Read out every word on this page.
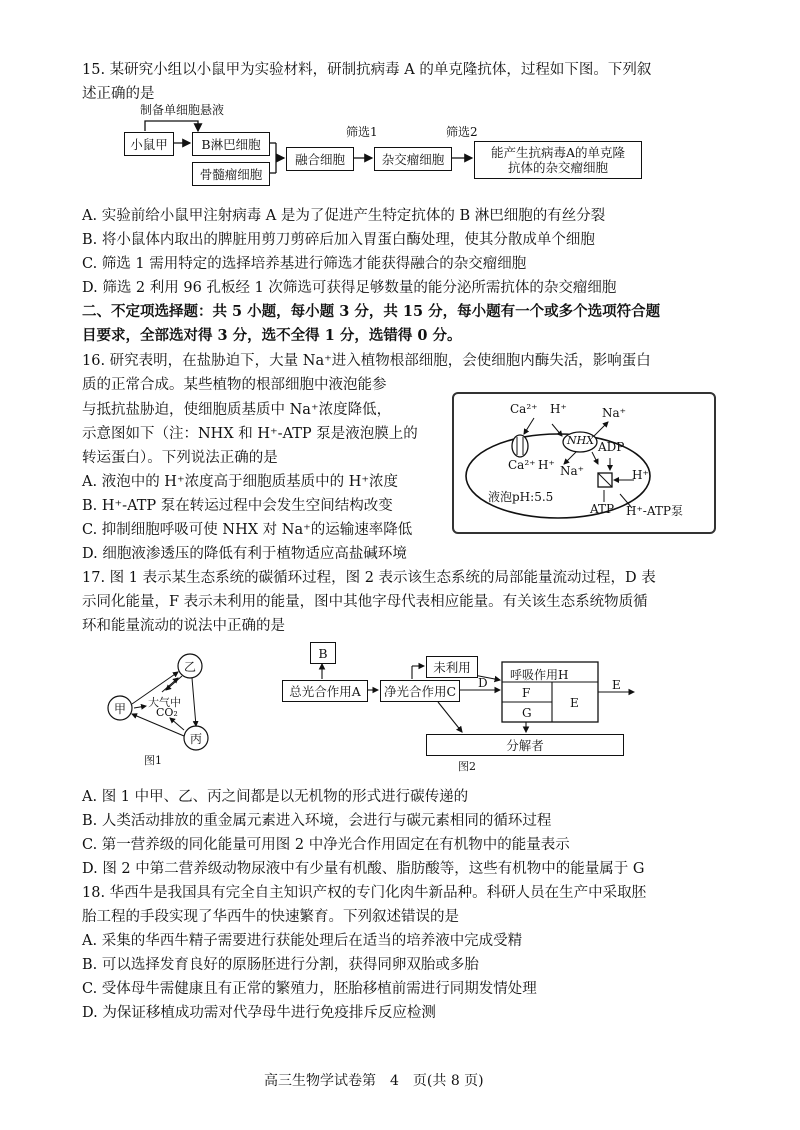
15. 某研究小组以小鼠甲为实验材料，研制抗病毒 A 的单克隆抗体，过程如下图。下列叙
述正确的是
制备单细胞悬液
小鼠甲	B淋巴细胞
骨髓瘤细胞
融合细胞
筛选1
杂交瘤细胞
筛选2
能产生抗病毒A的单克隆
抗体的杂交瘤细胞
A. 实验前给小鼠甲注射病毒 A 是为了促进产生特定抗体的 B 淋巴细胞的有丝分裂
B. 将小鼠体内取出的脾脏用剪刀剪碎后加入胃蛋白酶处理，使其分散成单个细胞
C. 筛选 1 需用特定的选择培养基进行筛选才能获得融合的杂交瘤细胞
D. 筛选 2 利用 96 孔板经 1 次筛选可获得足够数量的能分泌所需抗体的杂交瘤细胞
二、不定项选择题：共 5 小题，每小题 3 分，共 15 分，每小题有一个或多个选项符合题
目要求，全部选对得 3 分，选不全得 1 分，选错得 0 分。
16. 研究表明，在盐胁迫下，大量 Na⁺进入植物根部细胞，会使细胞内酶失活，影响蛋白
质的正常合成。某些植物的根部细胞中液泡能参
与抵抗盐胁迫，使细胞质基质中 Na⁺浓度降低，
示意图如下（注：NHX 和 H⁺-ATP 泵是液泡膜上的
转运蛋白）。下列说法正确的是
A. 液泡中的 H⁺浓度高于细胞质基质中的 H⁺浓度
B. H⁺-ATP 泵在转运过程中会发生空间结构改变
C. 抑制细胞呼吸可使 NHX 对 Na⁺的运输速率降低
D. 细胞液渗透压的降低有利于植物适应高盐碱环境
Ca²⁺ H⁺	Na⁺
NHX ADP
Ca²⁺ H⁺ Na⁺	H⁺
液泡pH:5.5
ATP H⁺-ATP泵
17. 图 1 表示某生态系统的碳循环过程，图 2 表示该生态系统的局部能量流动过程，D 表
示同化能量，F 表示未利用的能量，图中其他字母代表相应能量。有关该生态系统物质循
环和能量流动的说法中正确的是
乙
甲
丙
大气中
CO₂
图1
B
未利用
总光合作用A	净光合作用C
D
呼吸作用H
F
G
E
E
分解者
图2
A. 图 1 中甲、乙、丙之间都是以无机物的形式进行碳传递的
B. 人类活动排放的重金属元素进入环境，会进行与碳元素相同的循环过程
C. 第一营养级的同化能量可用图 2 中净光合作用固定在有机物中的能量表示
D. 图 2 中第二营养级动物尿液中有少量有机酸、脂肪酸等，这些有机物中的能量属于 G
18. 华西牛是我国具有完全自主知识产权的专门化肉牛新品种。科研人员在生产中采取胚
胎工程的手段实现了华西牛的快速繁育。下列叙述错误的是
A. 采集的华西牛精子需要进行获能处理后在适当的培养液中完成受精
B. 可以选择发育良好的原肠胚进行分割，获得同卵双胎或多胎
C. 受体母牛需健康且有正常的繁殖力，胚胎移植前需进行同期发情处理
D. 为保证移植成功需对代孕母牛进行免疫排斥反应检测
高三生物学试卷第　4　页(共 8 页)
